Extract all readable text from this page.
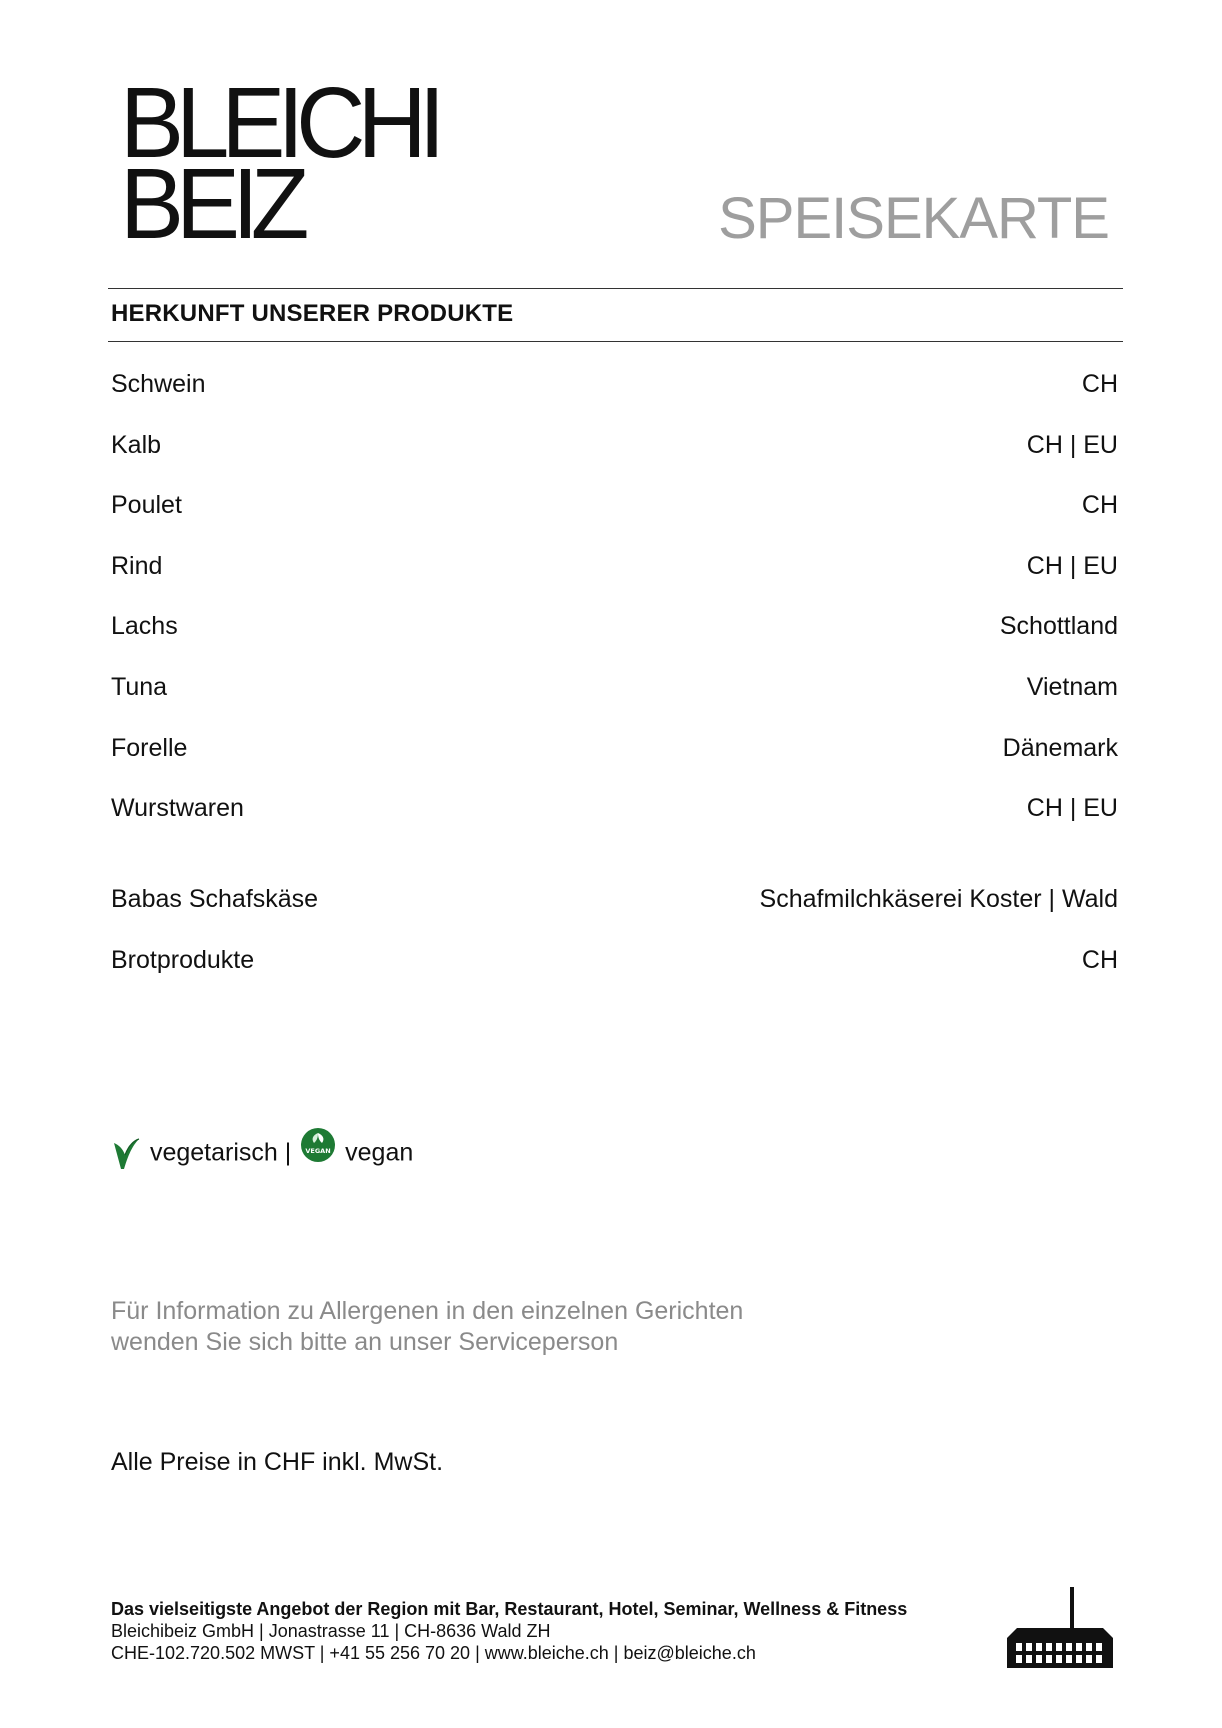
BLEICHI
BEIZ	SPEISEKARTE
HERKUNFT UNSERER PRODUKTE
Schwein	CH
Kalb	CH | EU
Poulet	CH
Rind	CH | EU
Lachs	Schottland
Tuna	Vietnam
Forelle	Dänemark
Wurstwaren	CH | EU
Babas Schafskäse	Schafmilchkäserei Koster | Wald
Brotprodukte	CH
vegetarisch | VEGAN vegan
Für Information zu Allergenen in den einzelnen Gerichten
wenden Sie sich bitte an unser Serviceperson
Alle Preise in CHF inkl. MwSt.
Das vielseitigste Angebot der Region mit Bar, Restaurant, Hotel, Seminar, Wellness & Fitness
Bleichibeiz GmbH | Jonastrasse 11 | CH-8636 Wald ZH
CHE-102.720.502 MWST | +41 55 256 70 20 | www.bleiche.ch | beiz@bleiche.ch
